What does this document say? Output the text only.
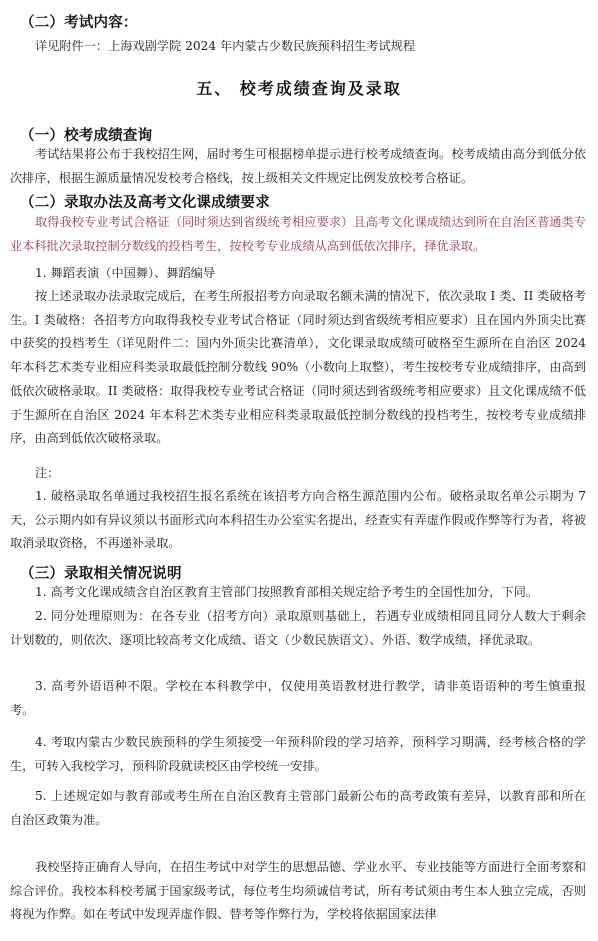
（二）考试内容：
详见附件一：上海戏剧学院 2024 年内蒙古少数民族预科招生考试规程
五、 校考成绩查询及录取
（一）校考成绩查询

考试结果将公布于我校招生网，届时考生可根据榜单提示进行校考成绩查询。校考成绩由高分到低分依次排序，根据生源质量情况发校考合格线，按上级相关文件规定比例发放校考合格证。

（二）录取办法及高考文化课成绩要求

取得我校专业考试合格证（同时须达到省级统考相应要求）且高考文化课成绩达到所在自治区普通类专业本科批次录取控制分数线的投档考生，按校考专业成绩从高到低依次排序，择优录取。

1. 舞蹈表演（中国舞）、舞蹈编导

按上述录取办法录取完成后，在考生所报招考方向录取名额未满的情况下，依次录取 I 类、II 类破格考生。I 类破格：各招考方向取得我校专业考试合格证（同时须达到省级统考相应要求）且在国内外顶尖比赛中获奖的投档考生（详见附件二：国内外顶尖比赛清单），文化课录取成绩可破格至生源所在自治区 2024 年本科艺术类专业相应科类录取最低控制分数线 90%（小数向上取整），考生按校考专业成绩排序，由高到低依次破格录取。II 类破格：取得我校专业考试合格证（同时须达到省级统考相应要求）且文化课成绩不低于生源所在自治区 2024 年本科艺术类专业相应科类录取最低控制分数线的投档考生，按校考专业成绩排序，由高到低依次破格录取。

注：

1. 破格录取名单通过我校招生报名系统在该招考方向合格生源范围内公布。破格录取名单公示期为 7 天，公示期内如有异议须以书面形式向本科招生办公室实名提出，经查实有弄虚作假或作弊等行为者，将被取消录取资格，不再递补录取。

（三）录取相关情况说明

1. 高考文化课成绩含自治区教育主管部门按照教育部相关规定给予考生的全国性加分，下同。

2. 同分处理原则为：在各专业（招考方向）录取原则基础上，若遇专业成绩相同且同分人数大于剩余计划数的，则依次、逐项比较高考文化成绩、语文（少数民族语文）、外语、数学成绩，择优录取。

3. 高考外语语种不限。学校在本科教学中，仅使用英语教材进行教学，请非英语语种的考生慎重报考。

4. 考取内蒙古少数民族预科的学生须接受一年预科阶段的学习培养，预科学习期满，经考核合格的学生，可转入我校学习，预科阶段就读校区由学校统一安排。

5. 上述规定如与教育部或考生所在自治区教育主管部门最新公布的高考政策有差异，以教育部和所在自治区政策为准。

我校坚持正确育人导向，在招生考试中对学生的思想品德、学业水平、专业技能等方面进行全面考察和综合评价。我校本科校考属于国家级考试，每位考生均须诚信考试，所有考试须由考生本人独立完成，否则将视为作弊。如在考试中发现弄虚作假、替考等作弊行为，学校将依据国家法律
